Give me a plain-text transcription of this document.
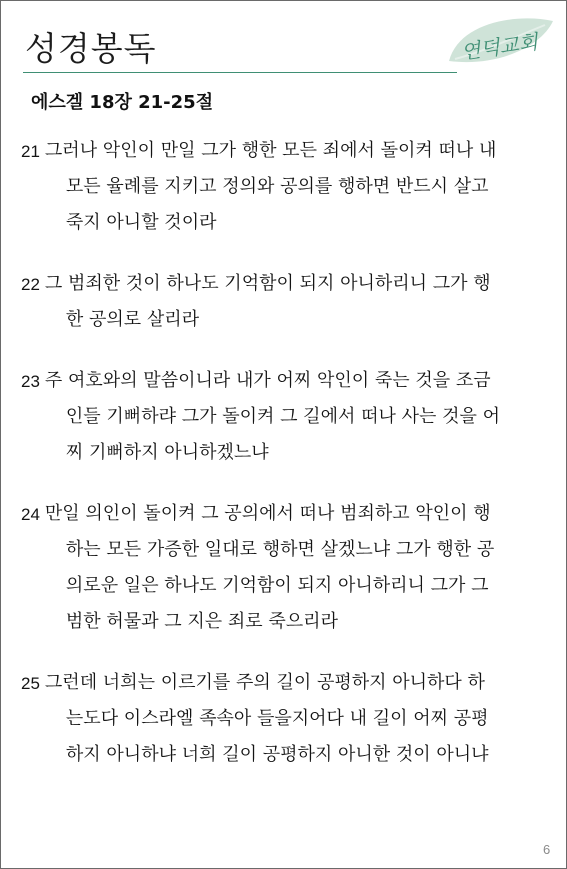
성경봉독	연덕교회
에스겔 18장 21-25절
21 그러나 악인이 만일 그가 행한 모든 죄에서 돌이켜 떠나 내
모든 율례를 지키고 정의와 공의를 행하면 반드시 살고
죽지 아니할 것이라
22 그 범죄한 것이 하나도 기억함이 되지 아니하리니 그가 행
한 공의로 살리라
23 주 여호와의 말씀이니라 내가 어찌 악인이 죽는 것을 조금
인들 기뻐하랴 그가 돌이켜 그 길에서 떠나 사는 것을 어
찌 기뻐하지 아니하겠느냐
24 만일 의인이 돌이켜 그 공의에서 떠나 범죄하고 악인이 행
하는 모든 가증한 일대로 행하면 살겠느냐 그가 행한 공
의로운 일은 하나도 기억함이 되지 아니하리니 그가 그
범한 허물과 그 지은 죄로 죽으리라
25 그런데 너희는 이르기를 주의 길이 공평하지 아니하다 하
는도다 이스라엘 족속아 들을지어다 내 길이 어찌 공평
하지 아니하냐 너희 길이 공평하지 아니한 것이 아니냐
6
